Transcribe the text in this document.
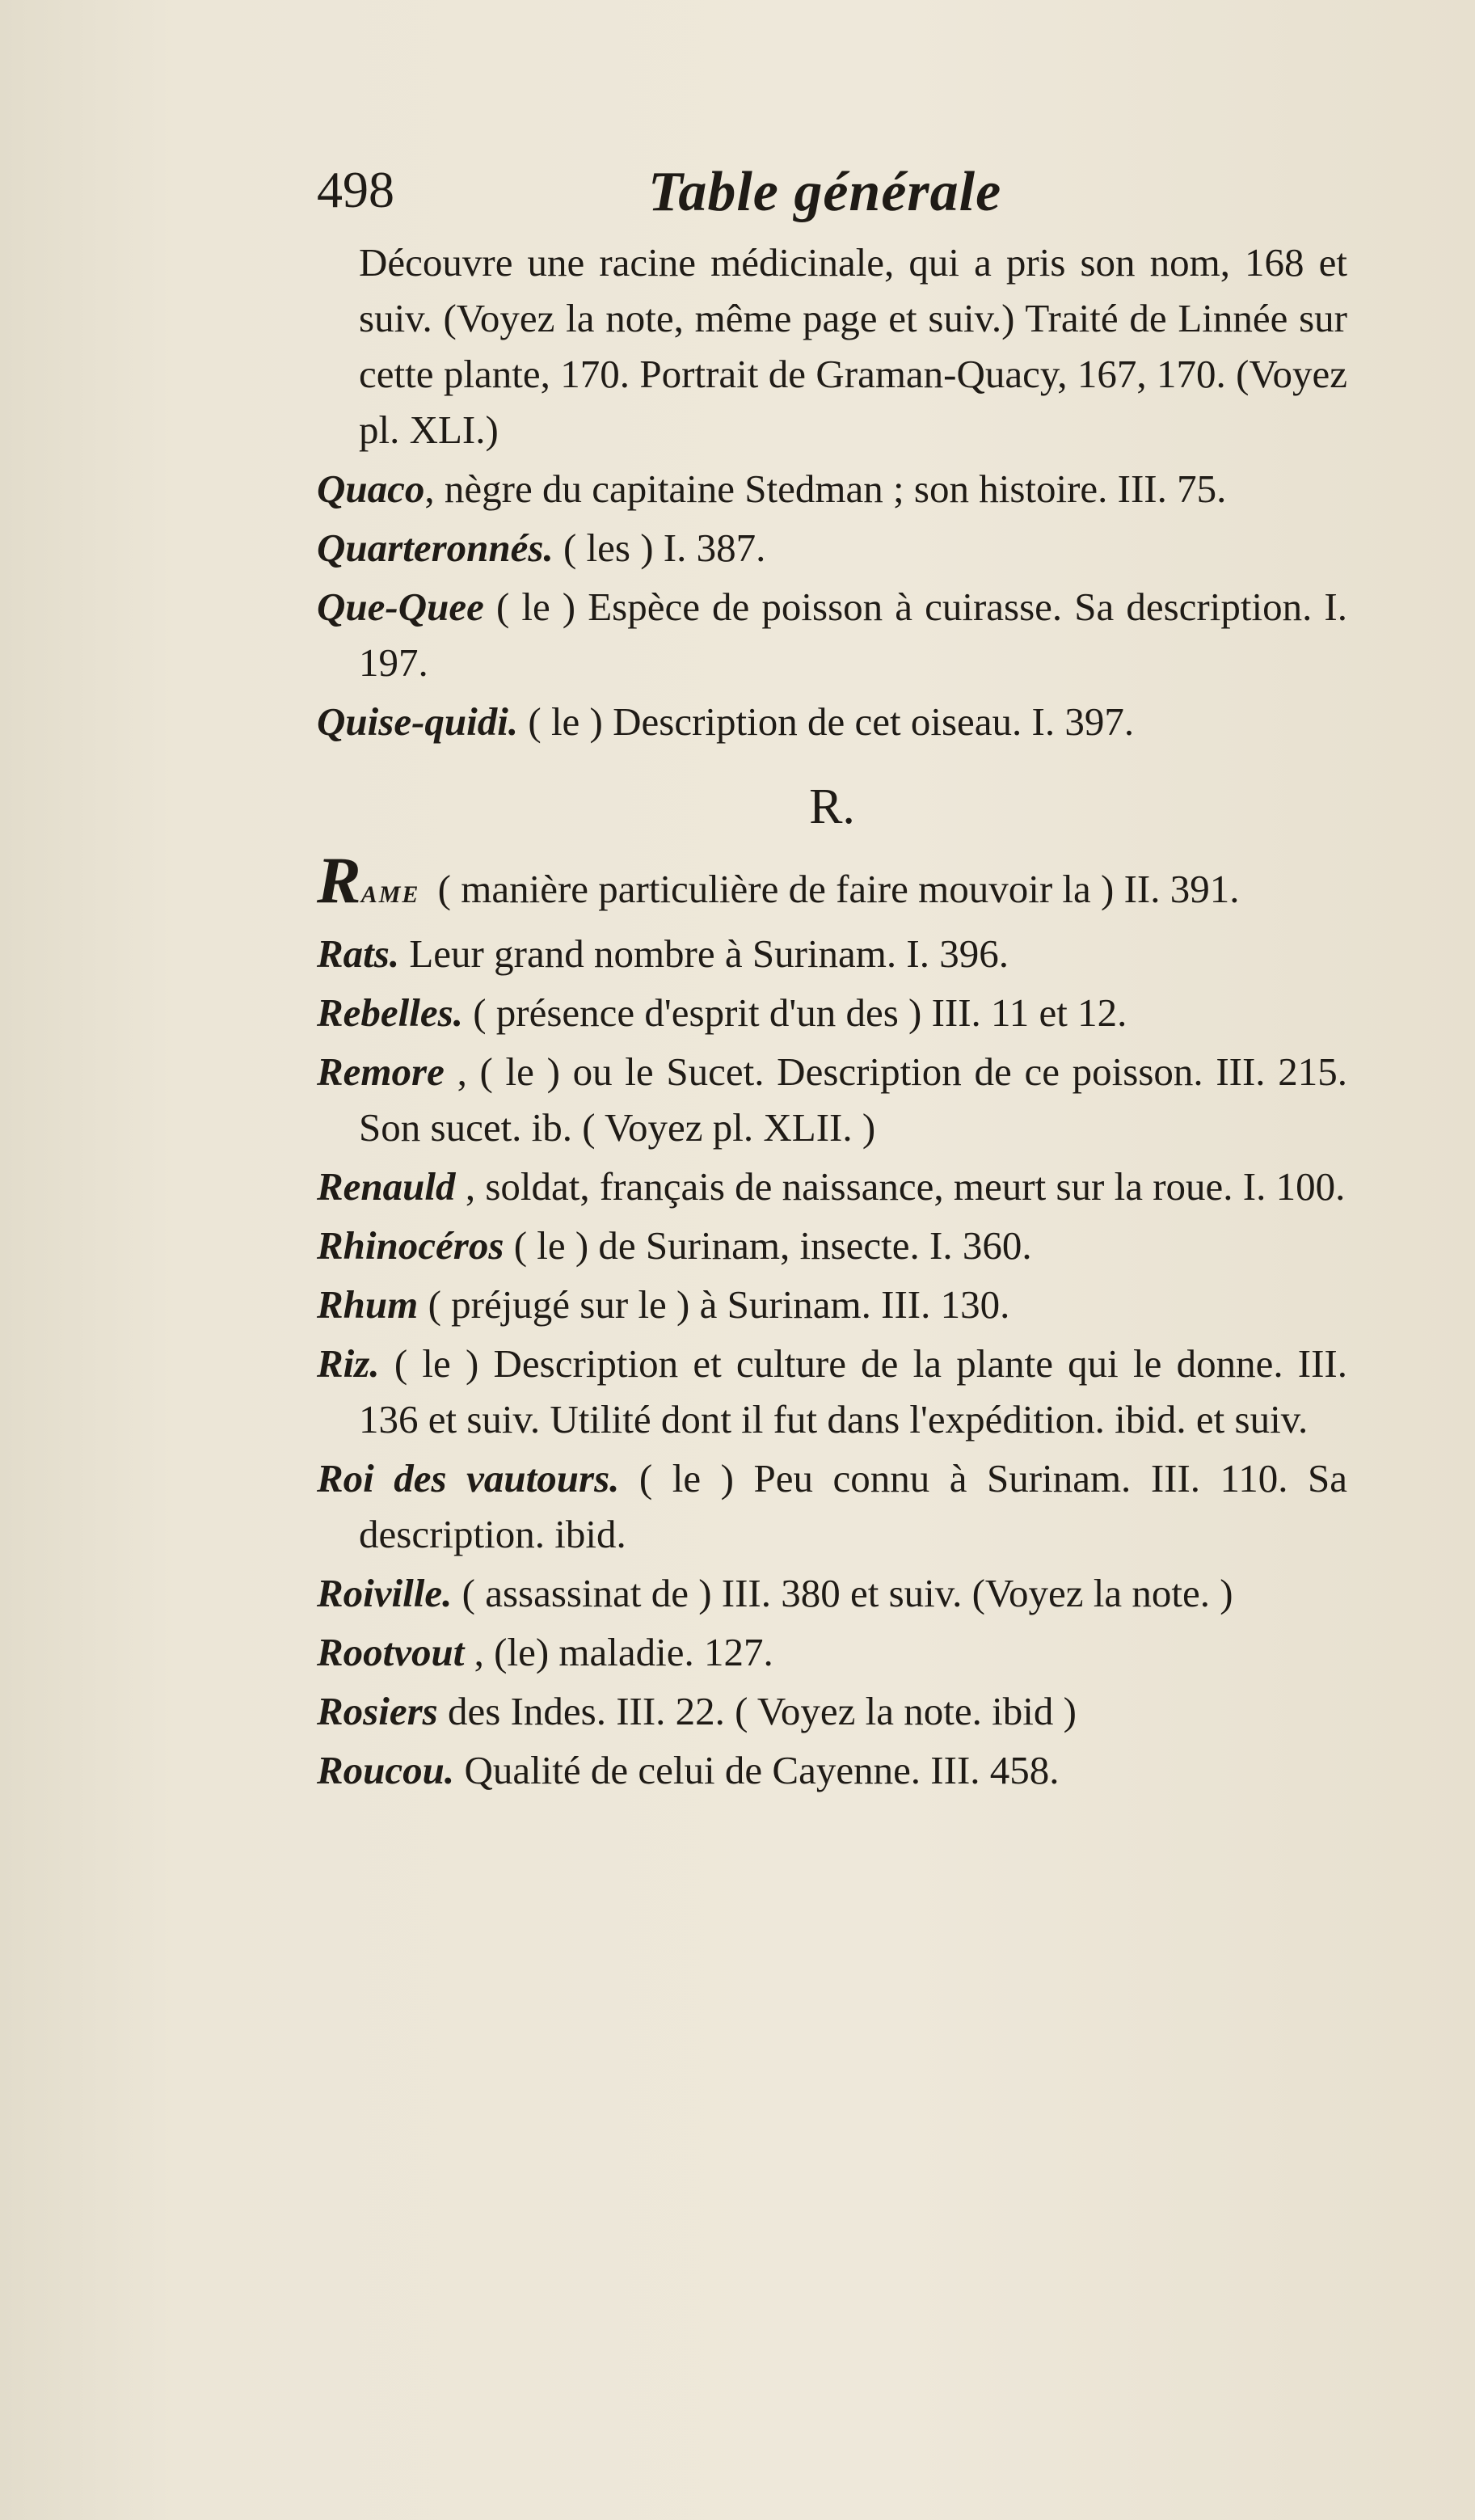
498	Table générale

Découvre une racine médicinale, qui a pris son nom, 168 et suiv. (Voyez la note, même page et suiv.) Traité de Linnée sur cette plante, 170. Portrait de Graman-Quacy, 167, 170. (Voyez pl. XLI.)

Quaco, nègre du capitaine Stedman ; son histoire. III. 75.

Quarteronnés. ( les ) I. 387.

Que-Quee ( le ) Espèce de poisson à cuirasse. Sa description. I. 197.

Quise-quidi. ( le ) Description de cet oiseau. I. 397.

R.

RAME ( manière particulière de faire mouvoir la ) II. 391.

Rats. Leur grand nombre à Surinam. I. 396.

Rebelles. ( présence d'esprit d'un des ) III. 11 et 12.

Remore , ( le ) ou le Sucet. Description de ce poisson. III. 215. Son sucet. ib. ( Voyez pl. XLII. )

Renauld , soldat, français de naissance, meurt sur la roue. I. 100.

Rhinocéros ( le ) de Surinam, insecte. I. 360.

Rhum ( préjugé sur le ) à Surinam. III. 130.

Riz. ( le ) Description et culture de la plante qui le donne. III. 136 et suiv. Utilité dont il fut dans l'expédition. ibid. et suiv.

Roi des vautours. ( le ) Peu connu à Surinam. III. 110. Sa description. ibid.

Roiville. ( assassinat de ) III. 380 et suiv. (Voyez la note. )

Rootvout , (le) maladie. 127.

Rosiers des Indes. III. 22. ( Voyez la note. ibid )

Roucou. Qualité de celui de Cayenne. III. 458.
